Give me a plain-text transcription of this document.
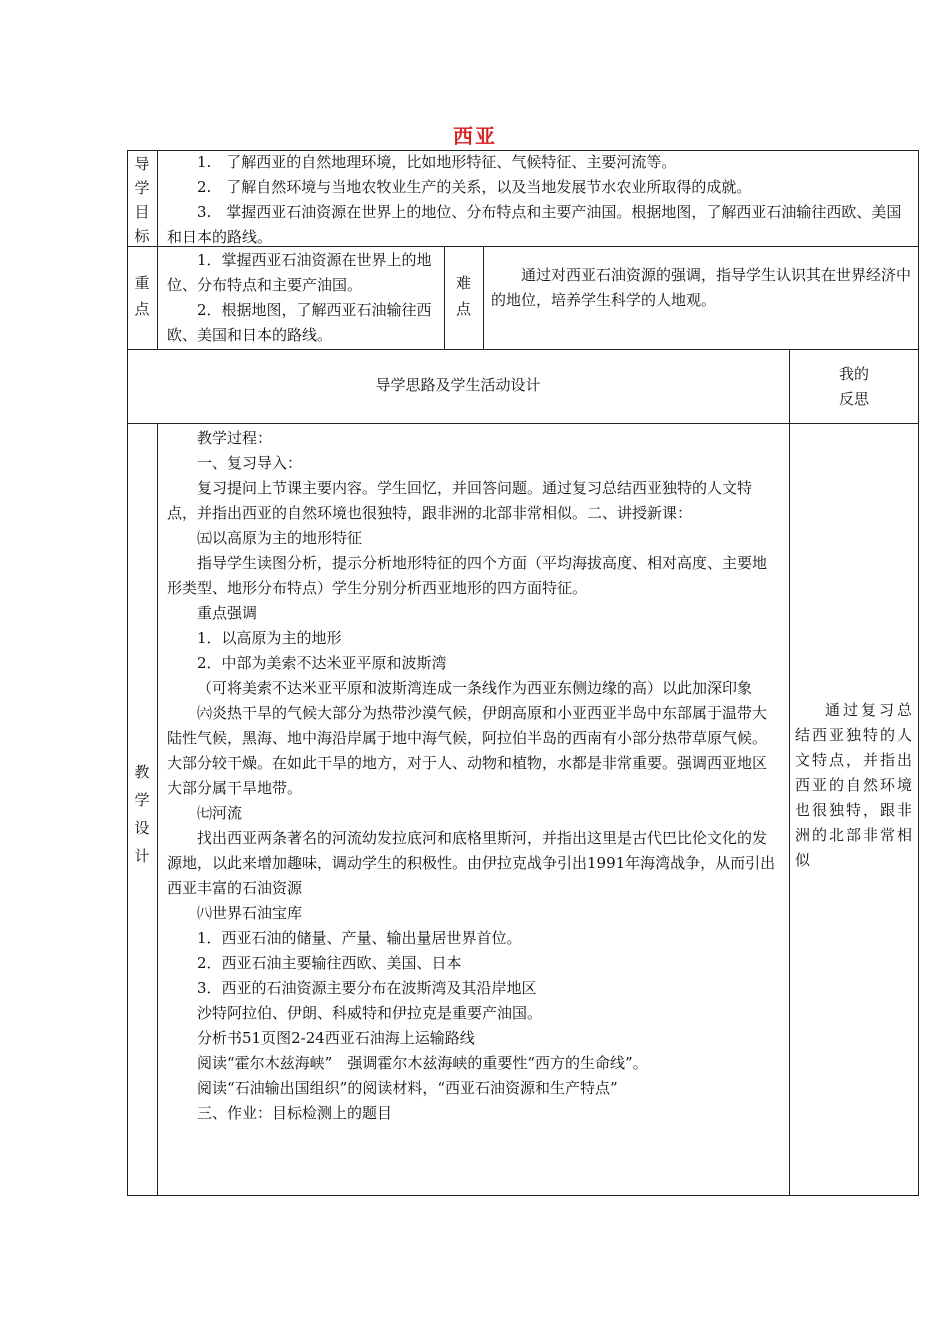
西亚
导学目标

1.　了解西亚的自然地理环境，比如地形特征、气候特征、主要河流等。

2.　了解自然环境与当地农牧业生产的关系，以及当地发展节水农业所取得的成就。

3.　掌握西亚石油资源在世界上的地位、分布特点和主要产油国。根据地图，了解西亚石油输往西欧、美国和日本的路线。

重点

1．掌握西亚石油资源在世界上的地位、分布特点和主要产油国。

2．根据地图，了解西亚石油输往西欧、美国和日本的路线。

难点

通过对西亚石油资源的强调，指导学生认识其在世界经济中的地位，培养学生科学的人地观。

导学思路及学生活动设计

我的

反思

教学设计

教学过程：

一、复习导入：

复习提问上节课主要内容。学生回忆，并回答问题。通过复习总结西亚独特的人文特点，并指出西亚的自然环境也很独特，跟非洲的北部非常相似。二、讲授新课：

㈤以高原为主的地形特征

指导学生读图分析，提示分析地形特征的四个方面（平均海拔高度、相对高度、主要地形类型、地形分布特点）学生分别分析西亚地形的四方面特征。

重点强调

1．以高原为主的地形

2．中部为美索不达米亚平原和波斯湾

（可将美索不达米亚平原和波斯湾连成一条线作为西亚东侧边缘的高）以此加深印象

㈥炎热干旱的气候大部分为热带沙漠气候，伊朗高原和小亚西亚半岛中东部属于温带大陆性气候，黑海、地中海沿岸属于地中海气候，阿拉伯半岛的西南有小部分热带草原气候。大部分较干燥。在如此干旱的地方，对于人、动物和植物，水都是非常重要。强调西亚地区大部分属干旱地带。

㈦河流

找出西亚两条著名的河流幼发拉底河和底格里斯河，并指出这里是古代巴比伦文化的发源地，以此来增加趣味，调动学生的积极性。由伊拉克战争引出1991年海湾战争，从而引出西亚丰富的石油资源

㈧世界石油宝库

1．西亚石油的储量、产量、输出量居世界首位。

2．西亚石油主要输往西欧、美国、日本

3．西亚的石油资源主要分布在波斯湾及其沿岸地区

沙特阿拉伯、伊朗、科威特和伊拉克是重要产油国。

分析书51页图2-24西亚石油海上运输路线

阅读“霍尔木兹海峡”　强调霍尔木兹海峡的重要性“西方的生命线”。

阅读“石油输出国组织”的阅读材料，“西亚石油资源和生产特点”

三、作业：目标检测上的题目

通过复习总结西亚独特的人文特点，并指出西亚的自然环境也很独特，跟非洲的北部非常相似
